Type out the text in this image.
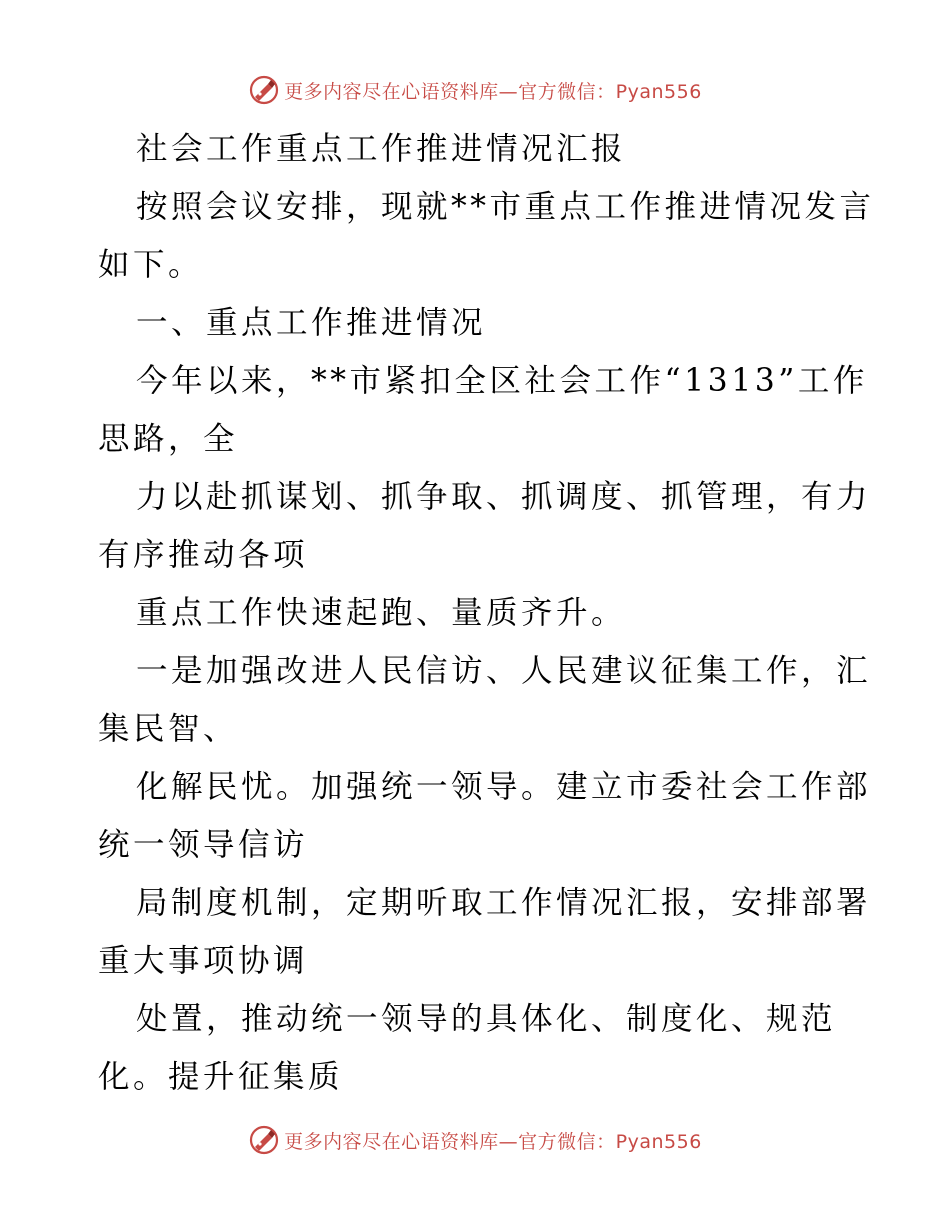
更多内容尽在心语资料库—官方微信：Pyan556
社会工作重点工作推进情况汇报
按照会议安排，现就**市重点工作推进情况发言
如下。
一、重点工作推进情况
今年以来，**市紧扣全区社会工作“1313”工作
思路，全
力以赴抓谋划、抓争取、抓调度、抓管理，有力
有序推动各项
重点工作快速起跑、量质齐升。
一是加强改进人民信访、人民建议征集工作，汇
集民智、
化解民忧。加强统一领导。建立市委社会工作部
统一领导信访
局制度机制，定期听取工作情况汇报，安排部署
重大事项协调
处置，推动统一领导的具体化、制度化、规范
化。提升征集质
更多内容尽在心语资料库—官方微信：Pyan556
